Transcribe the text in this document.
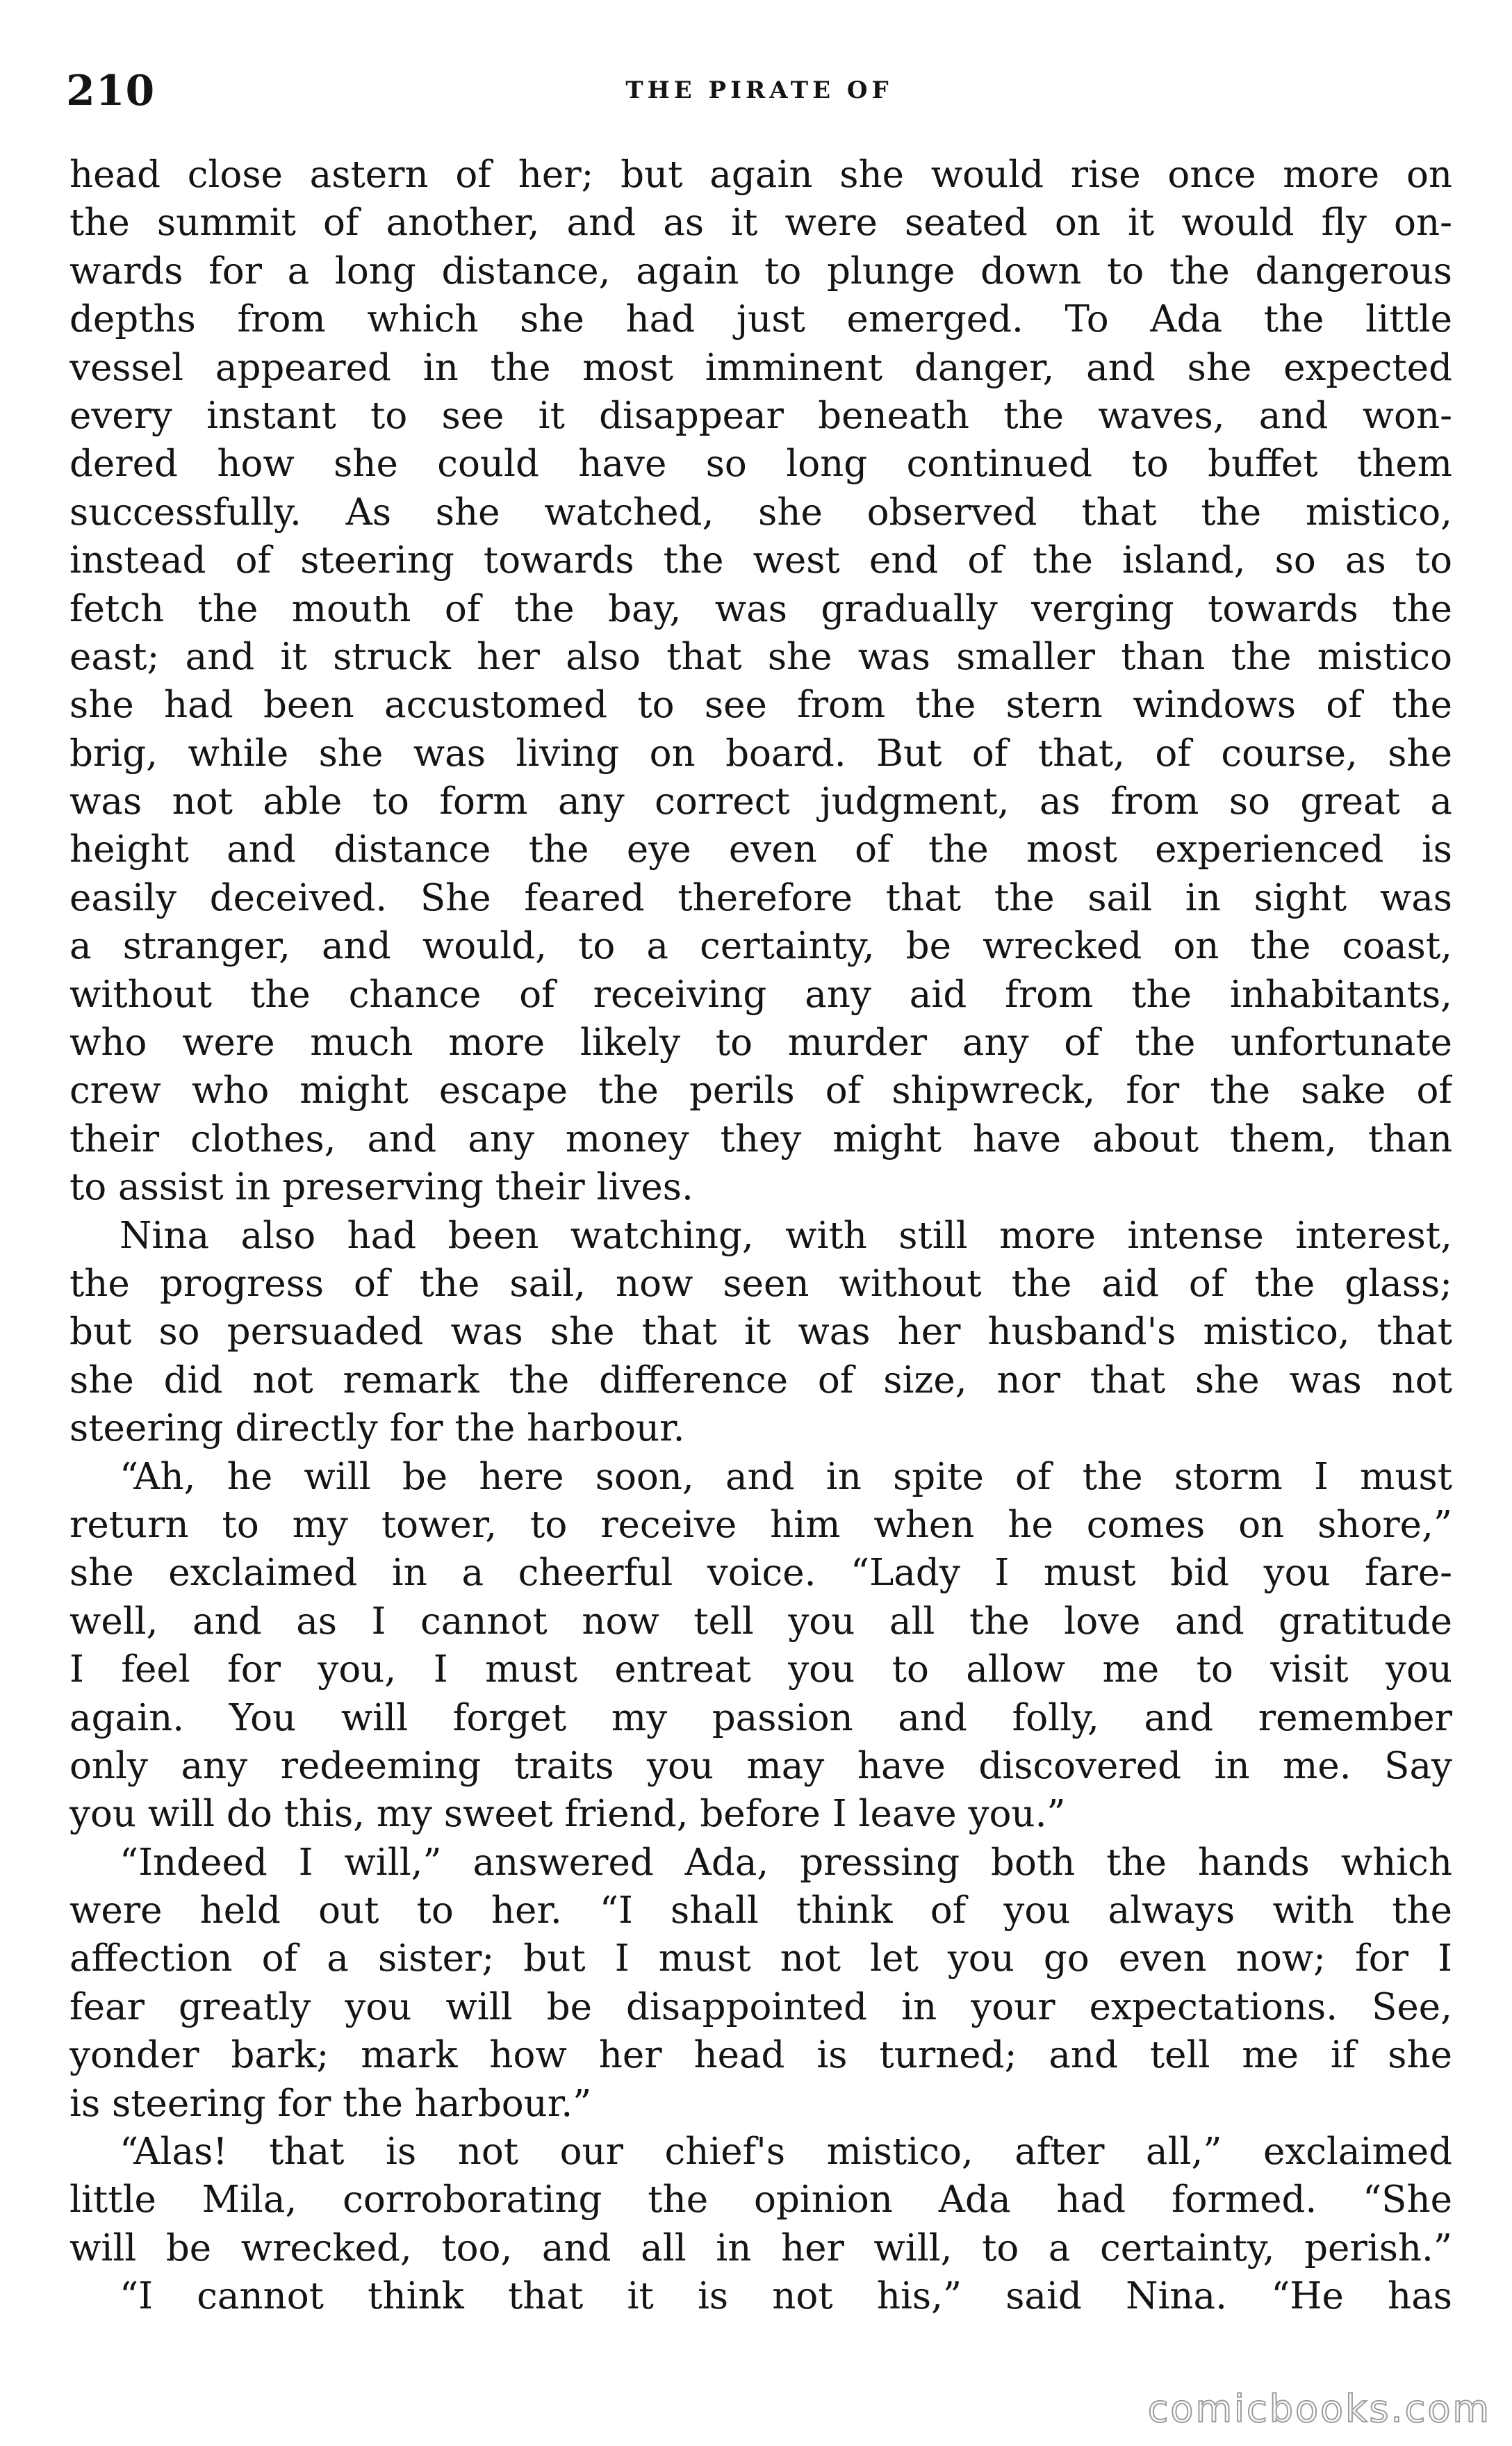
210	THE PIRATE OF
head close astern of her; but again she would rise once more on
the summit of another, and as it were seated on it would fly on-
wards for a long distance, again to plunge down to the dangerous
depths from which she had just emerged. To Ada the little
vessel appeared in the most imminent danger, and she expected
every instant to see it disappear beneath the waves, and won-
dered how she could have so long continued to buffet them
successfully. As she watched, she observed that the mistico,
instead of steering towards the west end of the island, so as to
fetch the mouth of the bay, was gradually verging towards the
east; and it struck her also that she was smaller than the mistico
she had been accustomed to see from the stern windows of the
brig, while she was living on board. But of that, of course, she
was not able to form any correct judgment, as from so great a
height and distance the eye even of the most experienced is
easily deceived. She feared therefore that the sail in sight was
a stranger, and would, to a certainty, be wrecked on the coast,
without the chance of receiving any aid from the inhabitants,
who were much more likely to murder any of the unfortunate
crew who might escape the perils of shipwreck, for the sake of
their clothes, and any money they might have about them, than
to assist in preserving their lives.
Nina also had been watching, with still more intense interest,
the progress of the sail, now seen without the aid of the glass;
but so persuaded was she that it was her husband's mistico, that
she did not remark the difference of size, nor that she was not
steering directly for the harbour.
“Ah, he will be here soon, and in spite of the storm I must
return to my tower, to receive him when he comes on shore,”
she exclaimed in a cheerful voice. “Lady I must bid you fare-
well, and as I cannot now tell you all the love and gratitude
I feel for you, I must entreat you to allow me to visit you
again. You will forget my passion and folly, and remember
only any redeeming traits you may have discovered in me. Say
you will do this, my sweet friend, before I leave you.”
“Indeed I will,” answered Ada, pressing both the hands which
were held out to her. “I shall think of you always with the
affection of a sister; but I must not let you go even now; for I
fear greatly you will be disappointed in your expectations. See,
yonder bark; mark how her head is turned; and tell me if she
is steering for the harbour.”
“Alas! that is not our chief's mistico, after all,” exclaimed
little Mila, corroborating the opinion Ada had formed. “She
will be wrecked, too, and all in her will, to a certainty, perish.”
“I cannot think that it is not his,” said Nina. “He has
comicbooks.com
